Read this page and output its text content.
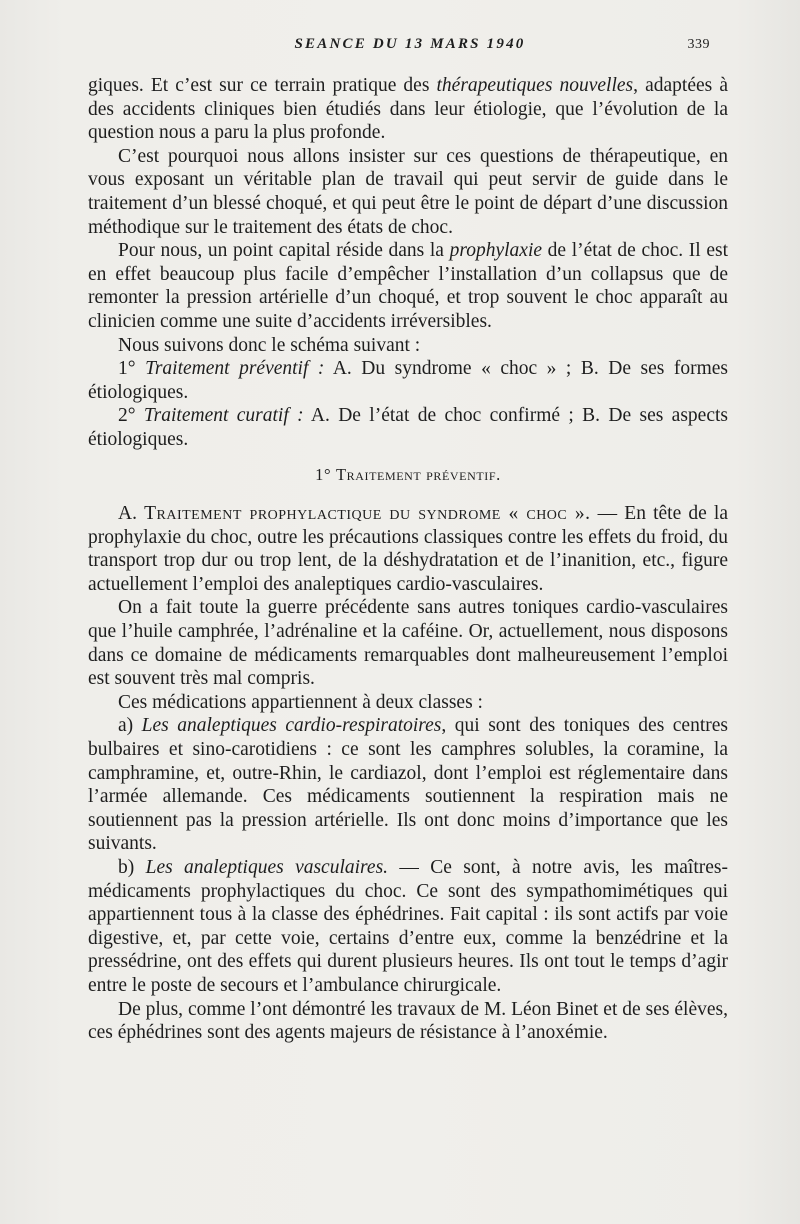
SEANCE DU 13 MARS 1940	339

giques. Et c’est sur ce terrain pratique des thérapeutiques nouvelles, adaptées à des accidents cliniques bien étudiés dans leur étiologie, que l’évolution de la question nous a paru la plus profonde.

C’est pourquoi nous allons insister sur ces questions de thérapeutique, en vous exposant un véritable plan de travail qui peut servir de guide dans le traitement d’un blessé choqué, et qui peut être le point de départ d’une discussion méthodique sur le traitement des états de choc.

Pour nous, un point capital réside dans la prophylaxie de l’état de choc. Il est en effet beaucoup plus facile d’empêcher l’installation d’un collapsus que de remonter la pression artérielle d’un choqué, et trop souvent le choc apparaît au clinicien comme une suite d’accidents irréversibles.

Nous suivons donc le schéma suivant :

1° Traitement préventif : A. Du syndrome « choc » ; B. De ses formes étiologiques.

2° Traitement curatif : A. De l’état de choc confirmé ; B. De ses aspects étiologiques.

1° Traitement préventif.

A. Traitement prophylactique du syndrome « choc ». — En tête de la prophylaxie du choc, outre les précautions classiques contre les effets du froid, du transport trop dur ou trop lent, de la déshydratation et de l’inanition, etc., figure actuellement l’emploi des analeptiques cardio-vasculaires.

On a fait toute la guerre précédente sans autres toniques cardio-vasculaires que l’huile camphrée, l’adrénaline et la caféine. Or, actuellement, nous disposons dans ce domaine de médicaments remarquables dont malheureusement l’emploi est souvent très mal compris.

Ces médications appartiennent à deux classes :

a) Les analeptiques cardio-respiratoires, qui sont des toniques des centres bulbaires et sino-carotidiens : ce sont les camphres solubles, la coramine, la camphramine, et, outre-Rhin, le cardiazol, dont l’emploi est réglementaire dans l’armée allemande. Ces médicaments soutiennent la respiration mais ne soutiennent pas la pression artérielle. Ils ont donc moins d’importance que les suivants.

b) Les analeptiques vasculaires. — Ce sont, à notre avis, les maîtres-médicaments prophylactiques du choc. Ce sont des sympathomimétiques qui appartiennent tous à la classe des éphédrines. Fait capital : ils sont actifs par voie digestive, et, par cette voie, certains d’entre eux, comme la benzédrine et la pressédrine, ont des effets qui durent plusieurs heures. Ils ont tout le temps d’agir entre le poste de secours et l’ambulance chirurgicale.

De plus, comme l’ont démontré les travaux de M. Léon Binet et de ses élèves, ces éphédrines sont des agents majeurs de résistance à l’anoxémie.
